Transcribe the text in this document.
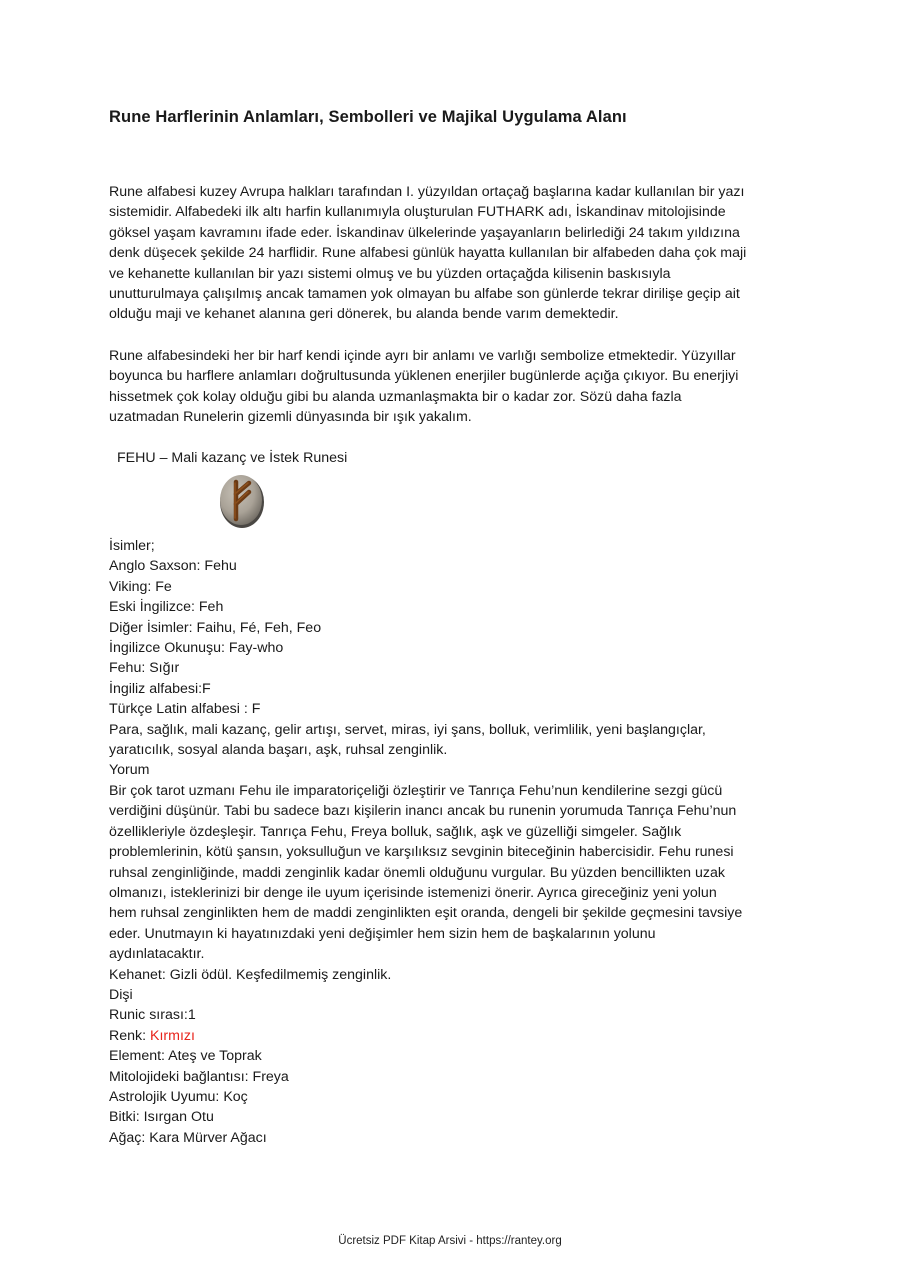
Rune Harflerinin Anlamları, Sembolleri ve Majikal Uygulama Alanı
Rune alfabesi kuzey Avrupa halkları tarafından I. yüzyıldan ortaçağ başlarına kadar kullanılan bir yazı
sistemidir. Alfabedeki ilk altı harfin kullanımıyla oluşturulan FUTHARK adı, İskandinav mitolojisinde
göksel yaşam kavramını ifade eder. İskandinav ülkelerinde yaşayanların belirlediği 24 takım yıldızına
denk düşecek şekilde 24 harflidir. Rune alfabesi günlük hayatta kullanılan bir alfabeden daha çok maji
ve kehanette kullanılan bir yazı sistemi olmuş ve bu yüzden ortaçağda kilisenin baskısıyla
unutturulmaya çalışılmış ancak tamamen yok olmayan bu alfabe son günlerde tekrar dirilişe geçip ait
olduğu maji ve kehanet alanına geri dönerek, bu alanda bende varım demektedir.
Rune alfabesindeki her bir harf kendi içinde ayrı bir anlamı ve varlığı sembolize etmektedir. Yüzyıllar
boyunca bu harflere anlamları doğrultusunda yüklenen enerjiler bugünlerde açığa çıkıyor. Bu enerjiyi
hissetmek çok kolay olduğu gibi bu alanda uzmanlaşmakta bir o kadar zor. Sözü daha fazla
uzatmadan Runelerin gizemli dünyasında bir ışık yakalım.
FEHU – Mali kazanç ve İstek Runesi
İsimler;
Anglo Saxson: Fehu
Viking: Fe
Eski İngilizce: Feh
Diğer İsimler: Faihu, Fé, Feh, Feo
İngilizce Okunuşu: Fay-who
Fehu: Sığır
İngiliz alfabesi:F
Türkçe Latin alfabesi : F
Para, sağlık, mali kazanç, gelir artışı, servet, miras, iyi şans, bolluk, verimlilik, yeni başlangıçlar,
yaratıcılık, sosyal alanda başarı, aşk, ruhsal zenginlik.
Yorum
Bir çok tarot uzmanı Fehu ile imparatoriçeliği özleştirir ve Tanrıça Fehu’nun kendilerine sezgi gücü
verdiğini düşünür. Tabi bu sadece bazı kişilerin inancı ancak bu runenin yorumuda Tanrıça Fehu’nun
özellikleriyle özdeşleşir. Tanrıça Fehu, Freya bolluk, sağlık, aşk ve güzelliği simgeler. Sağlık
problemlerinin, kötü şansın, yoksulluğun ve karşılıksız sevginin biteceğinin habercisidir. Fehu runesi
ruhsal zenginliğinde, maddi zenginlik kadar önemli olduğunu vurgular. Bu yüzden bencillikten uzak
olmanızı, isteklerinizi bir denge ile uyum içerisinde istemenizi önerir. Ayrıca gireceğiniz yeni yolun
hem ruhsal zenginlikten hem de maddi zenginlikten eşit oranda, dengeli bir şekilde geçmesini tavsiye
eder. Unutmayın ki hayatınızdaki yeni değişimler hem sizin hem de başkalarının yolunu
aydınlatacaktır.
Kehanet: Gizli ödül. Keşfedilmemiş zenginlik.
Dişi
Runic sırası:1
Renk: Kırmızı
Element: Ateş ve Toprak
Mitolojideki bağlantısı: Freya
Astrolojik Uyumu: Koç
Bitki: Isırgan Otu
Ağaç: Kara Mürver Ağacı
Ücretsiz PDF Kitap Arsivi - https://rantey.org
